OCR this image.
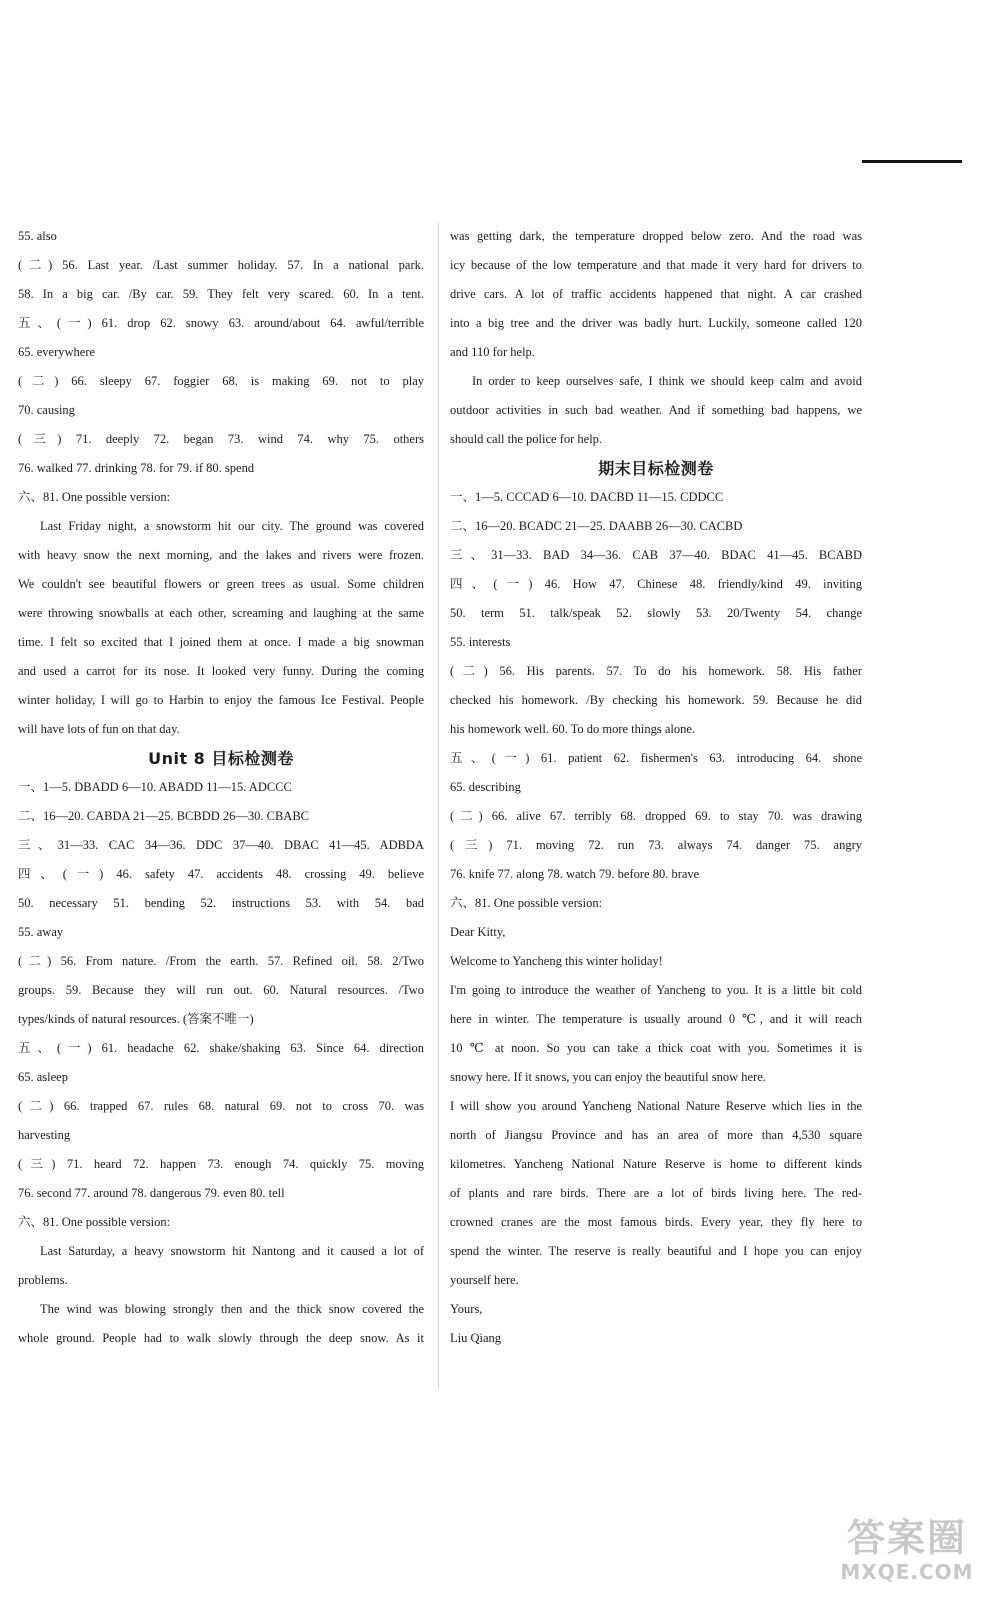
55. also
(二) 56. Last year. /Last summer holiday. 57. In a national park.
58. In a big car. /By car. 59. They felt very scared. 60. In a tent.
五、(一) 61. drop 62. snowy 63. around/about 64. awful/terrible
65. everywhere
(二) 66. sleepy 67. foggier 68. is making 69. not to play
70. causing
(三) 71. deeply 72. began 73. wind 74. why 75. others
76. walked 77. drinking 78. for 79. if 80. spend
六、81. One possible version:
Last Friday night, a snowstorm hit our city. The ground was covered
with heavy snow the next morning, and the lakes and rivers were frozen.
We couldn't see beautiful flowers or green trees as usual. Some children
were throwing snowballs at each other, screaming and laughing at the same
time. I felt so excited that I joined them at once. I made a big snowman
and used a carrot for its nose. It looked very funny. During the coming
winter holiday, I will go to Harbin to enjoy the famous Ice Festival. People
will have lots of fun on that day.
Unit 8 目标检测卷
一、1—5. DBADD 6—10. ABADD 11—15. ADCCC
二、16—20. CABDA 21—25. BCBDD 26—30. CBABC
三、31—33. CAC 34—36. DDC 37—40. DBAC 41—45. ADBDA
四、(一) 46. safety 47. accidents 48. crossing 49. believe
50. necessary 51. bending 52. instructions 53. with 54. bad
55. away
(二) 56. From nature. /From the earth. 57. Refined oil. 58. 2/Two
groups. 59. Because they will run out. 60. Natural resources. /Two
types/kinds of natural resources. (答案不唯一)
五、(一) 61. headache 62. shake/shaking 63. Since 64. direction
65. asleep
(二) 66. trapped 67. rules 68. natural 69. not to cross 70. was
harvesting
(三) 71. heard 72. happen 73. enough 74. quickly 75. moving
76. second 77. around 78. dangerous 79. even 80. tell
六、81. One possible version:
Last Saturday, a heavy snowstorm hit Nantong and it caused a lot of
problems.
The wind was blowing strongly then and the thick snow covered the
whole ground. People had to walk slowly through the deep snow. As it
was getting dark, the temperature dropped below zero. And the road was
icy because of the low temperature and that made it very hard for drivers to
drive cars. A lot of traffic accidents happened that night. A car crashed
into a big tree and the driver was badly hurt. Luckily, someone called 120
and 110 for help.
In order to keep ourselves safe, I think we should keep calm and avoid
outdoor activities in such bad weather. And if something bad happens, we
should call the police for help.
期末目标检测卷
一、1—5. CCCAD 6—10. DACBD 11—15. CDDCC
二、16—20. BCADC 21—25. DAABB 26—30. CACBD
三、31—33. BAD 34—36. CAB 37—40. BDAC 41—45. BCABD
四、(一) 46. How 47. Chinese 48. friendly/kind 49. inviting
50. term 51. talk/speak 52. slowly 53. 20/Twenty 54. change
55. interests
(二) 56. His parents. 57. To do his homework. 58. His father
checked his homework. /By checking his homework. 59. Because he did
his homework well. 60. To do more things alone.
五、(一) 61. patient 62. fishermen's 63. introducing 64. shone
65. describing
(二) 66. alive 67. terribly 68. dropped 69. to stay 70. was drawing
(三) 71. moving 72. run 73. always 74. danger 75. angry
76. knife 77. along 78. watch 79. before 80. brave
六、81. One possible version:
Dear Kitty,
Welcome to Yancheng this winter holiday!
I'm going to introduce the weather of Yancheng to you. It is a little bit cold
here in winter. The temperature is usually around 0 ℃, and it will reach
10 ℃ at noon. So you can take a thick coat with you. Sometimes it is
snowy here. If it snows, you can enjoy the beautiful snow here.
I will show you around Yancheng National Nature Reserve which lies in the
north of Jiangsu Province and has an area of more than 4,530 square
kilometres. Yancheng National Nature Reserve is home to different kinds
of plants and rare birds. There are a lot of birds living here. The red-
crowned cranes are the most famous birds. Every year, they fly here to
spend the winter. The reserve is really beautiful and I hope you can enjoy
yourself here.
Yours,
Liu Qiang
答案圈
MXQE.COM
